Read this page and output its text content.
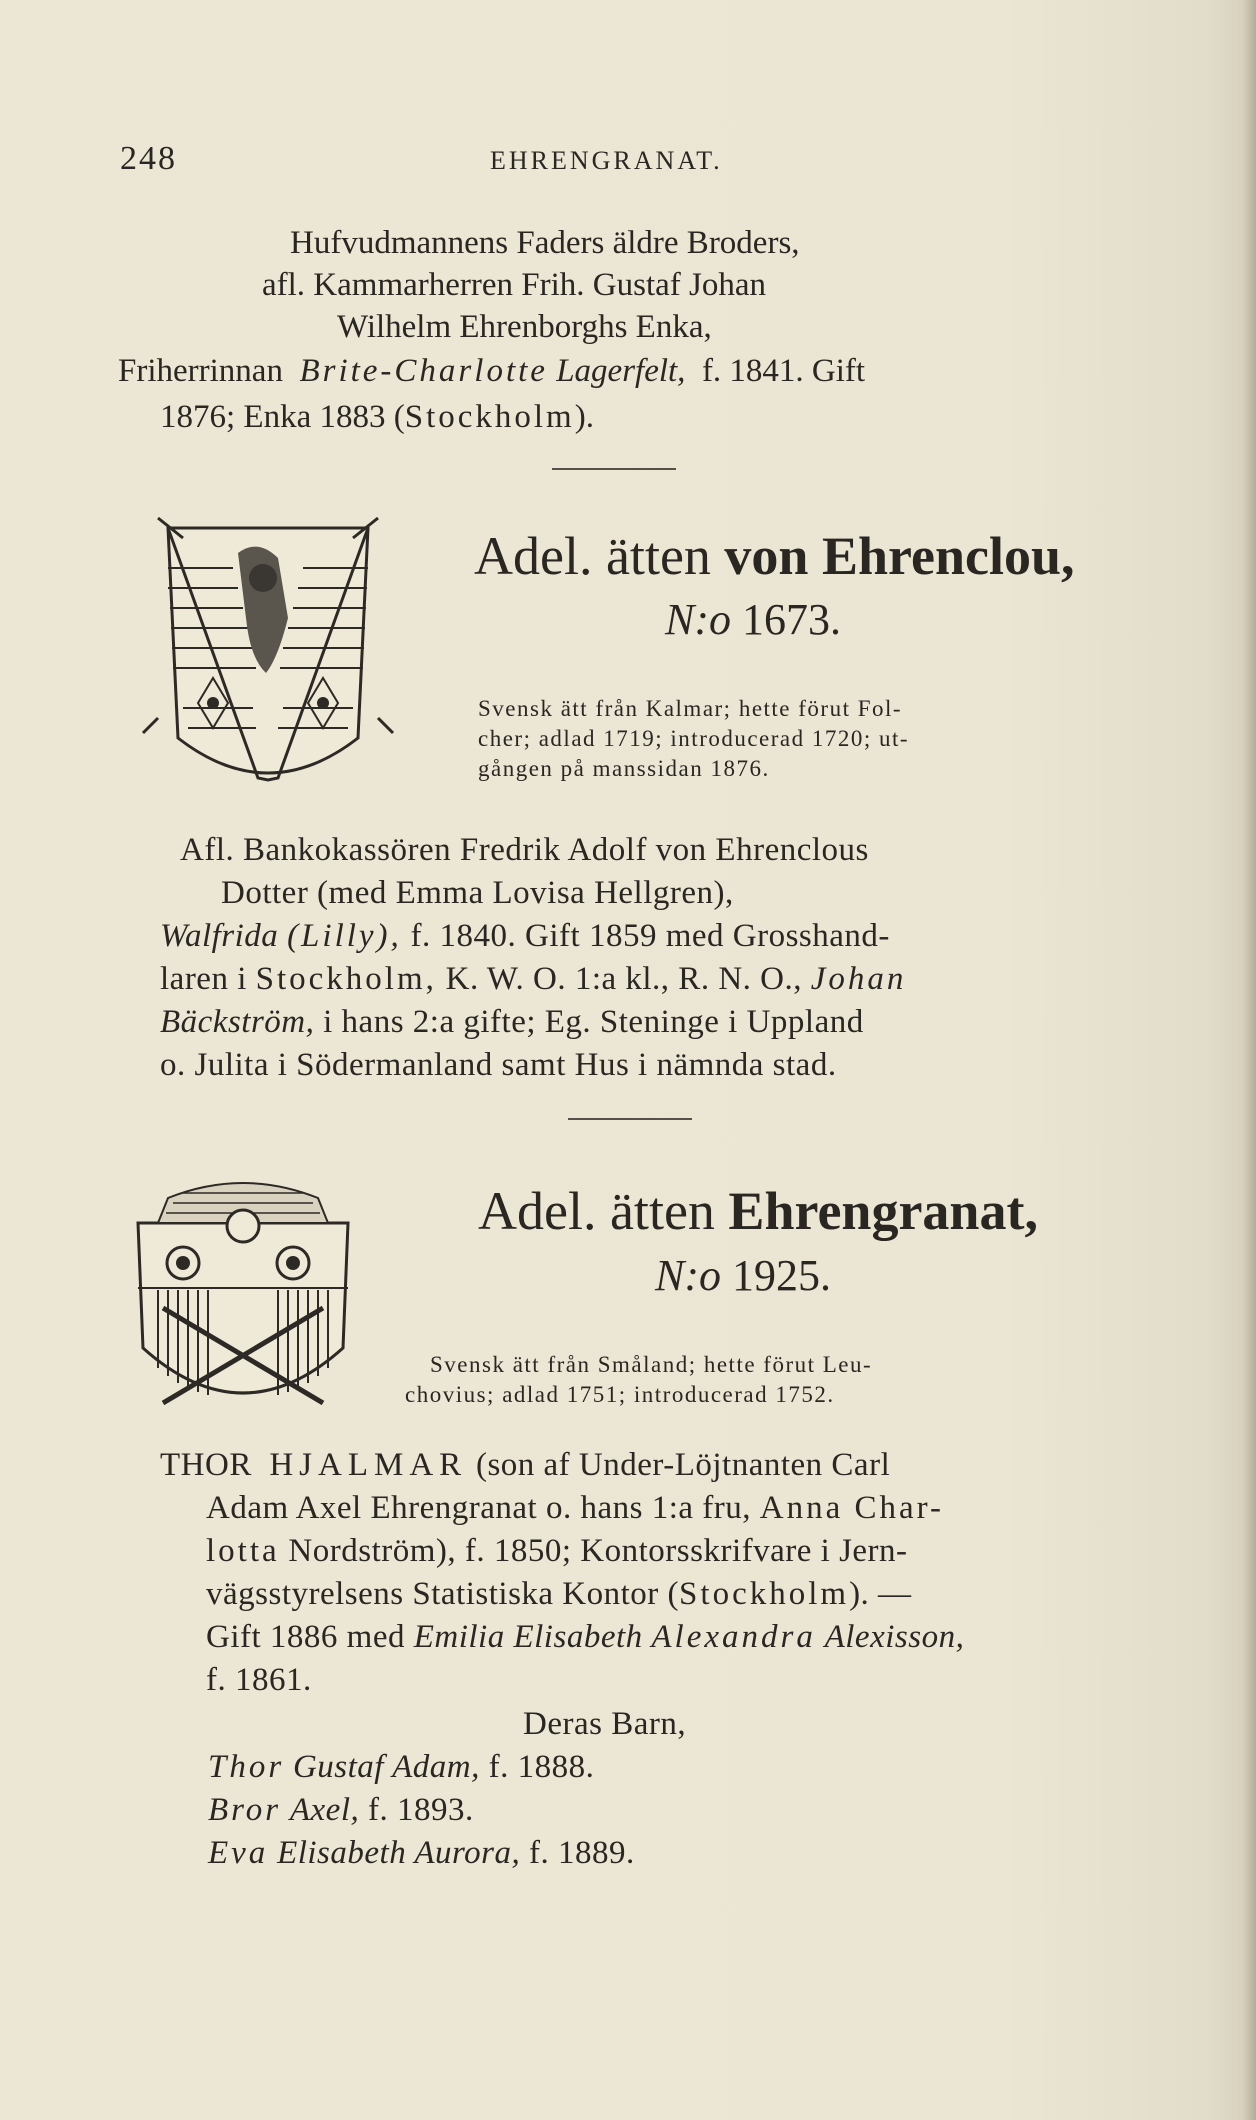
248	EHRENGRANAT.
Hufvudmannens Faders äldre Broders,
afl. Kammarherren Frih. Gustaf Johan
Wilhelm Ehrenborghs Enka,
Friherrinnan Brite-Charlotte Lagerfelt, f. 1841. Gift
1876; Enka 1883 (Stockholm).
Adel. ätten von Ehrenclou,
N:o 1673.
Svensk ätt från Kalmar; hette förut Fol-
cher; adlad 1719; introducerad 1720; ut-
gången på manssidan 1876.
Afl. Bankokassören Fredrik Adolf von Ehrenclous
Dotter (med Emma Lovisa Hellgren),
Walfrida (Lilly), f. 1840. Gift 1859 med Grosshand-
laren i Stockholm, K. W. O. 1:a kl., R. N. O., Johan
Bäckström, i hans 2:a gifte; Eg. Steninge i Uppland
o. Julita i Södermanland samt Hus i nämnda stad.
Adel. ätten Ehrengranat,
N:o 1925.
Svensk ätt från Småland; hette förut Leu-
chovius; adlad 1751; introducerad 1752.
THOR HJALMAR (son af Under-Löjtnanten Carl
Adam Axel Ehrengranat o. hans 1:a fru, Anna Char-
lotta Nordström), f. 1850; Kontorsskrifvare i Jern-
vägsstyrelsens Statistiska Kontor (Stockholm). —
Gift 1886 med Emilia Elisabeth Alexandra Alexisson,
f. 1861.
Deras Barn,
Thor Gustaf Adam, f. 1888.
Bror Axel, f. 1893.
Eva Elisabeth Aurora, f. 1889.
